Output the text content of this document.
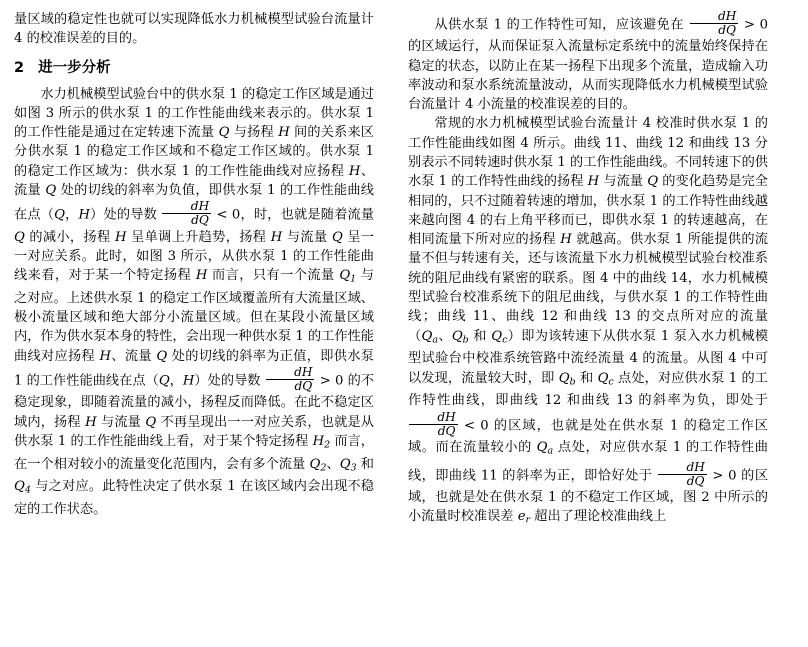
量区域的稳定性也就可以实现降低水力机械模型试验台流量计 4 的校准误差的目的。

2 进一步分析

水力机械模型试验台中的供水泵 1 的稳定工作区域是通过如图 3 所示的供水泵 1 的工作性能曲线来表示的。供水泵 1 的工作性能是通过在定转速下流量 Q 与扬程 H 间的关系来区分供水泵 1 的稳定工作区域和不稳定工作区域的。供水泵 1 的稳定工作区域为：供水泵 1 的工作性能曲线对应扬程 H、流量 Q 处的切线的斜率为负值，即供水泵 1 的工作性能曲线在点（Q，H）处的导数 $\frac{dH}{dQ} < 0$，时，也就是随着流量 Q 的减小，扬程 H 呈单调上升趋势，扬程 H 与流量 Q 呈一一对应关系。此时，如图 3 所示，从供水泵 1 的工作性能曲线来看，对于某一个特定扬程 H 而言，只有一个流量 $Q_1$ 与之对应。上述供水泵 1 的稳定工作区域覆盖所有大流量区域、极小流量区域和绝大部分小流量区域。但在某段小流量区域内，作为供水泵本身的特性，会出现一种供水泵 1 的工作性能曲线对应扬程 H、流量 Q 处的切线的斜率为正值，即供水泵 1 的工作性能曲线在点（Q，H）处的导数 $\frac{dH}{dQ} > 0$ 的不稳定现象，即随着流量的减小，扬程反而降低。在此不稳定区域内，扬程 H 与流量 Q 不再呈现出一一对应关系，也就是从供水泵 1 的工作性能曲线上看，对于某个特定扬程 $H_2$ 而言，在一个相对较小的流量变化范围内，会有多个流量 $Q_2$、$Q_3$ 和 $Q_4$ 与之对应。此特性决定了供水泵 1 在该区域内会出现不稳定的工作状态。

从供水泵 1 的工作特性可知，应该避免在 $\frac{dH}{dQ} > 0$ 的区域运行，从而保证泵入流量标定系统中的流量始终保持在稳定的状态，以防止在某一扬程下出现多个流量，造成输入功率波动和泵水系统流量波动，从而实现降低水力机械模型试验台流量计 4 小流量的校准误差的目的。

常规的水力机械模型试验台流量计 4 校准时供水泵 1 的工作性能曲线如图 4 所示。曲线 11、曲线 12 和曲线 13 分别表示不同转速时供水泵 1 的工作性能曲线。不同转速下的供水泵 1 的工作特性曲线的扬程 H 与流量 Q 的变化趋势是完全相同的，只不过随着转速的增加，供水泵 1 的工作特性曲线越来越向图 4 的右上角平移而已，即供水泵 1 的转速越高，在相同流量下所对应的扬程 H 就越高。供水泵 1 所能提供的流量不但与转速有关，还与该流量下水力机械模型试验台校准系统的阻尼曲线有紧密的联系。图 4 中的曲线 14，水力机械模型试验台校准系统下的阻尼曲线，与供水泵 1 的工作特性曲线；曲线 11、曲线 12 和曲线 13 的交点所对应的流量（$Q_a$、$Q_b$ 和 $Q_c$）即为该转速下从供水泵 1 泵入水力机械模型试验台中校准系统管路中流经流量 4 的流量。从图 4 中可以发现，流量较大时，即 $Q_b$ 和 $Q_c$ 点处，对应供水泵 1 的工作特性曲线，即曲线 12 和曲线 13 的斜率为负，即处于
$\frac{dH}{dQ} < 0$ 的区域，也就是处在供水泵 1 的稳定工作区域。而在流量较小的 $Q_a$ 点处，对应供水泵 1 的工作特性曲线，即曲线 11 的斜率为正，即恰好处于 $\frac{dH}{dQ} > 0$ 的区域，也就是处在供水泵 1 的不稳定工作区域，图 2 中所示的小流量时校准误差 $e_r$ 超出了理论校准曲线上
